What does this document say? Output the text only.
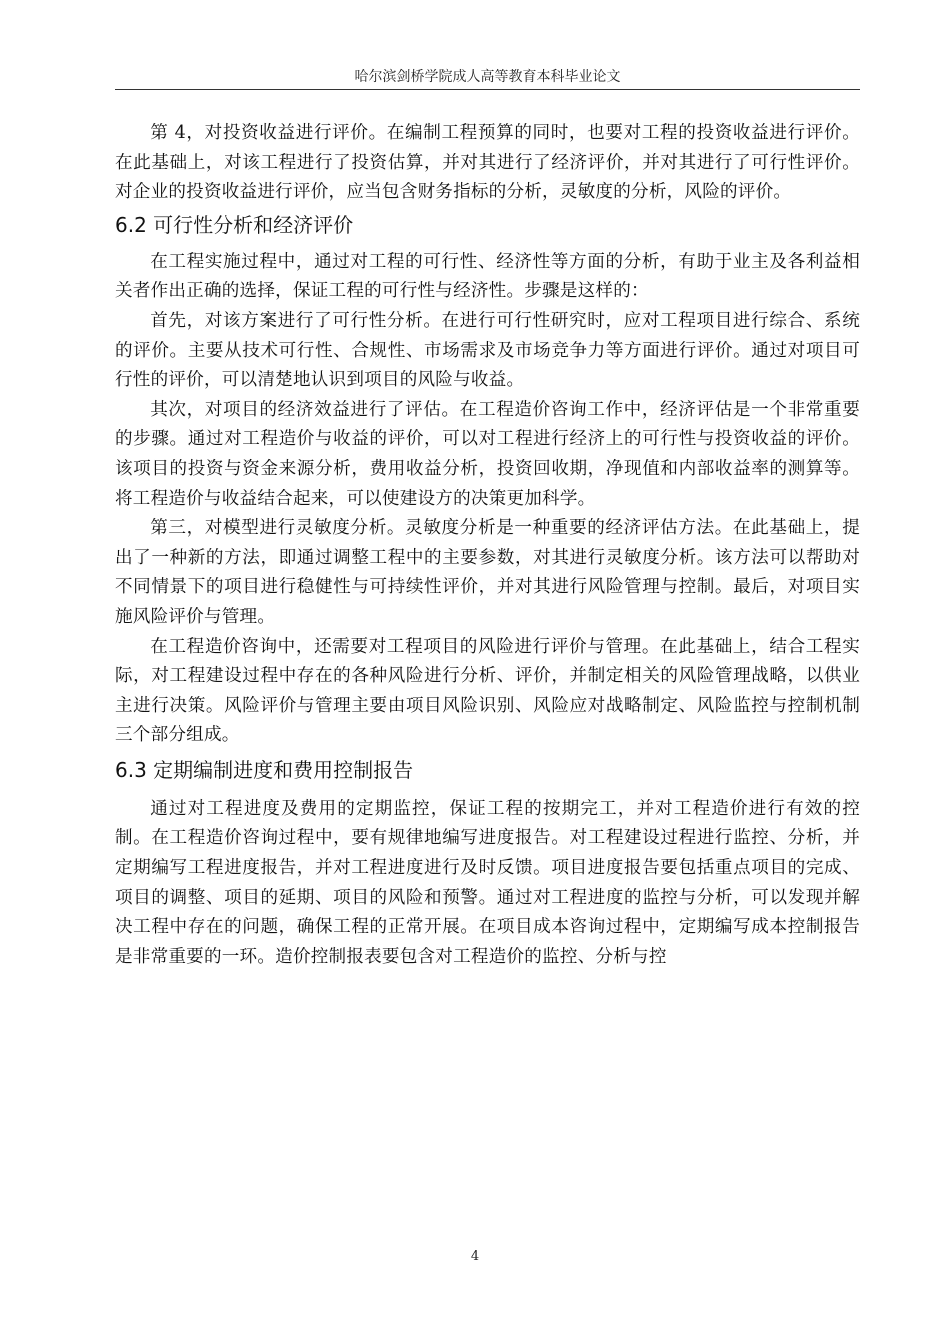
哈尔滨剑桥学院成人高等教育本科毕业论文

第 4，对投资收益进行评价。在编制工程预算的同时，也要对工程的投资收益进行评价。在此基础上，对该工程进行了投资估算，并对其进行了经济评价，并对其进行了可行性评价。对企业的投资收益进行评价，应当包含财务指标的分析，灵敏度的分析，风险的评价。

6.2 可行性分析和经济评价

在工程实施过程中，通过对工程的可行性、经济性等方面的分析，有助于业主及各利益相关者作出正确的选择，保证工程的可行性与经济性。步骤是这样的：

首先，对该方案进行了可行性分析。在进行可行性研究时，应对工程项目进行综合、系统的评价。主要从技术可行性、合规性、市场需求及市场竞争力等方面进行评价。通过对项目可行性的评价，可以清楚地认识到项目的风险与收益。

其次，对项目的经济效益进行了评估。在工程造价咨询工作中，经济评估是一个非常重要的步骤。通过对工程造价与收益的评价，可以对工程进行经济上的可行性与投资收益的评价。该项目的投资与资金来源分析，费用收益分析，投资回收期，净现值和内部收益率的测算等。将工程造价与收益结合起来，可以使建设方的决策更加科学。

第三，对模型进行灵敏度分析。灵敏度分析是一种重要的经济评估方法。在此基础上，提出了一种新的方法，即通过调整工程中的主要参数，对其进行灵敏度分析。该方法可以帮助对不同情景下的项目进行稳健性与可持续性评价，并对其进行风险管理与控制。最后，对项目实施风险评价与管理。

在工程造价咨询中，还需要对工程项目的风险进行评价与管理。在此基础上，结合工程实际，对工程建设过程中存在的各种风险进行分析、评价，并制定相关的风险管理战略，以供业主进行决策。风险评价与管理主要由项目风险识别、风险应对战略制定、风险监控与控制机制三个部分组成。

6.3 定期编制进度和费用控制报告

通过对工程进度及费用的定期监控，保证工程的按期完工，并对工程造价进行有效的控制。在工程造价咨询过程中，要有规律地编写进度报告。对工程建设过程进行监控、分析，并定期编写工程进度报告，并对工程进度进行及时反馈。项目进度报告要包括重点项目的完成、项目的调整、项目的延期、项目的风险和预警。通过对工程进度的监控与分析，可以发现并解决工程中存在的问题，确保工程的正常开展。在项目成本咨询过程中，定期编写成本控制报告是非常重要的一环。造价控制报表要包含对工程造价的监控、分析与控

4
